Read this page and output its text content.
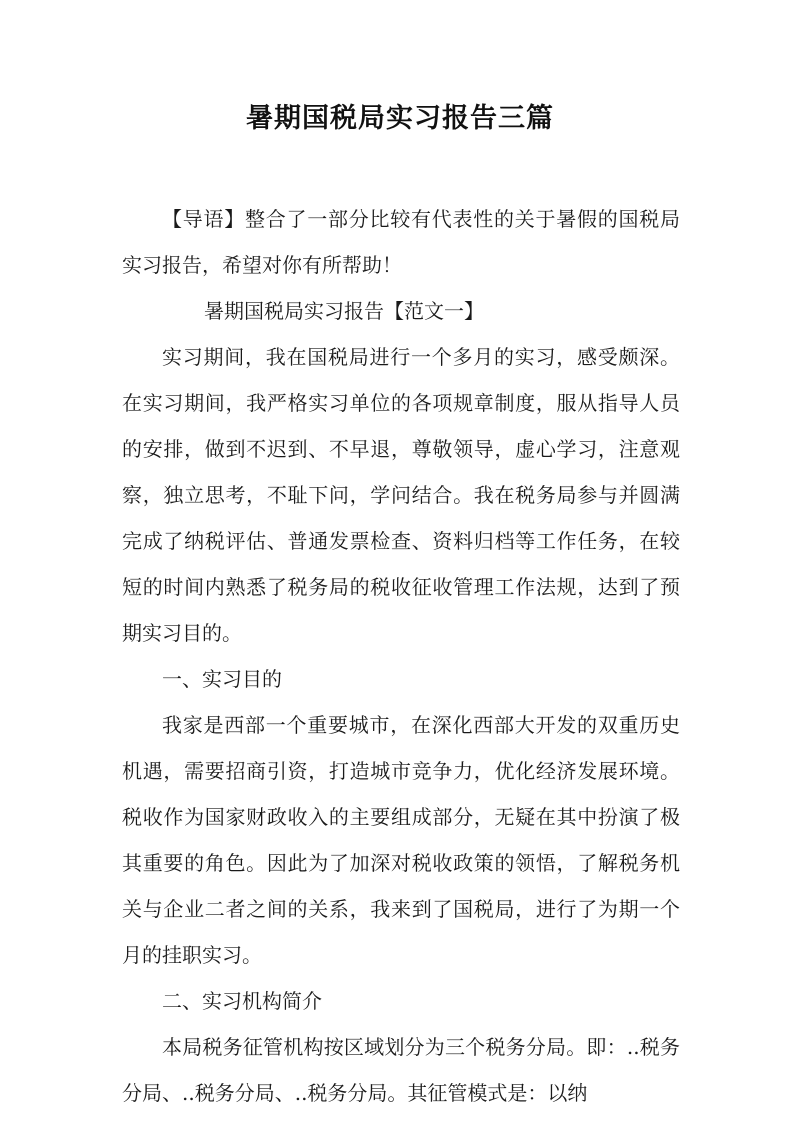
暑期国税局实习报告三篇

【导语】整合了一部分比较有代表性的关于暑假的国税局实习报告，希望对你有所帮助！

暑期国税局实习报告【范文一】

实习期间，我在国税局进行一个多月的实习，感受颇深。在实习期间，我严格实习单位的各项规章制度，服从指导人员的安排，做到不迟到、不早退，尊敬领导，虚心学习，注意观察，独立思考，不耻下问，学问结合。我在税务局参与并圆满完成了纳税评估、普通发票检查、资料归档等工作任务，在较短的时间内熟悉了税务局的税收征收管理工作法规，达到了预期实习目的。

一、实习目的

我家是西部一个重要城市，在深化西部大开发的双重历史机遇，需要招商引资，打造城市竞争力，优化经济发展环境。税收作为国家财政收入的主要组成部分，无疑在其中扮演了极其重要的角色。因此为了加深对税收政策的领悟，了解税务机关与企业二者之间的关系，我来到了国税局，进行了为期一个月的挂职实习。

二、实习机构简介

本局税务征管机构按区域划分为三个税务分局。即：..税务分局、..税务分局、..税务分局。其征管模式是：以纳
